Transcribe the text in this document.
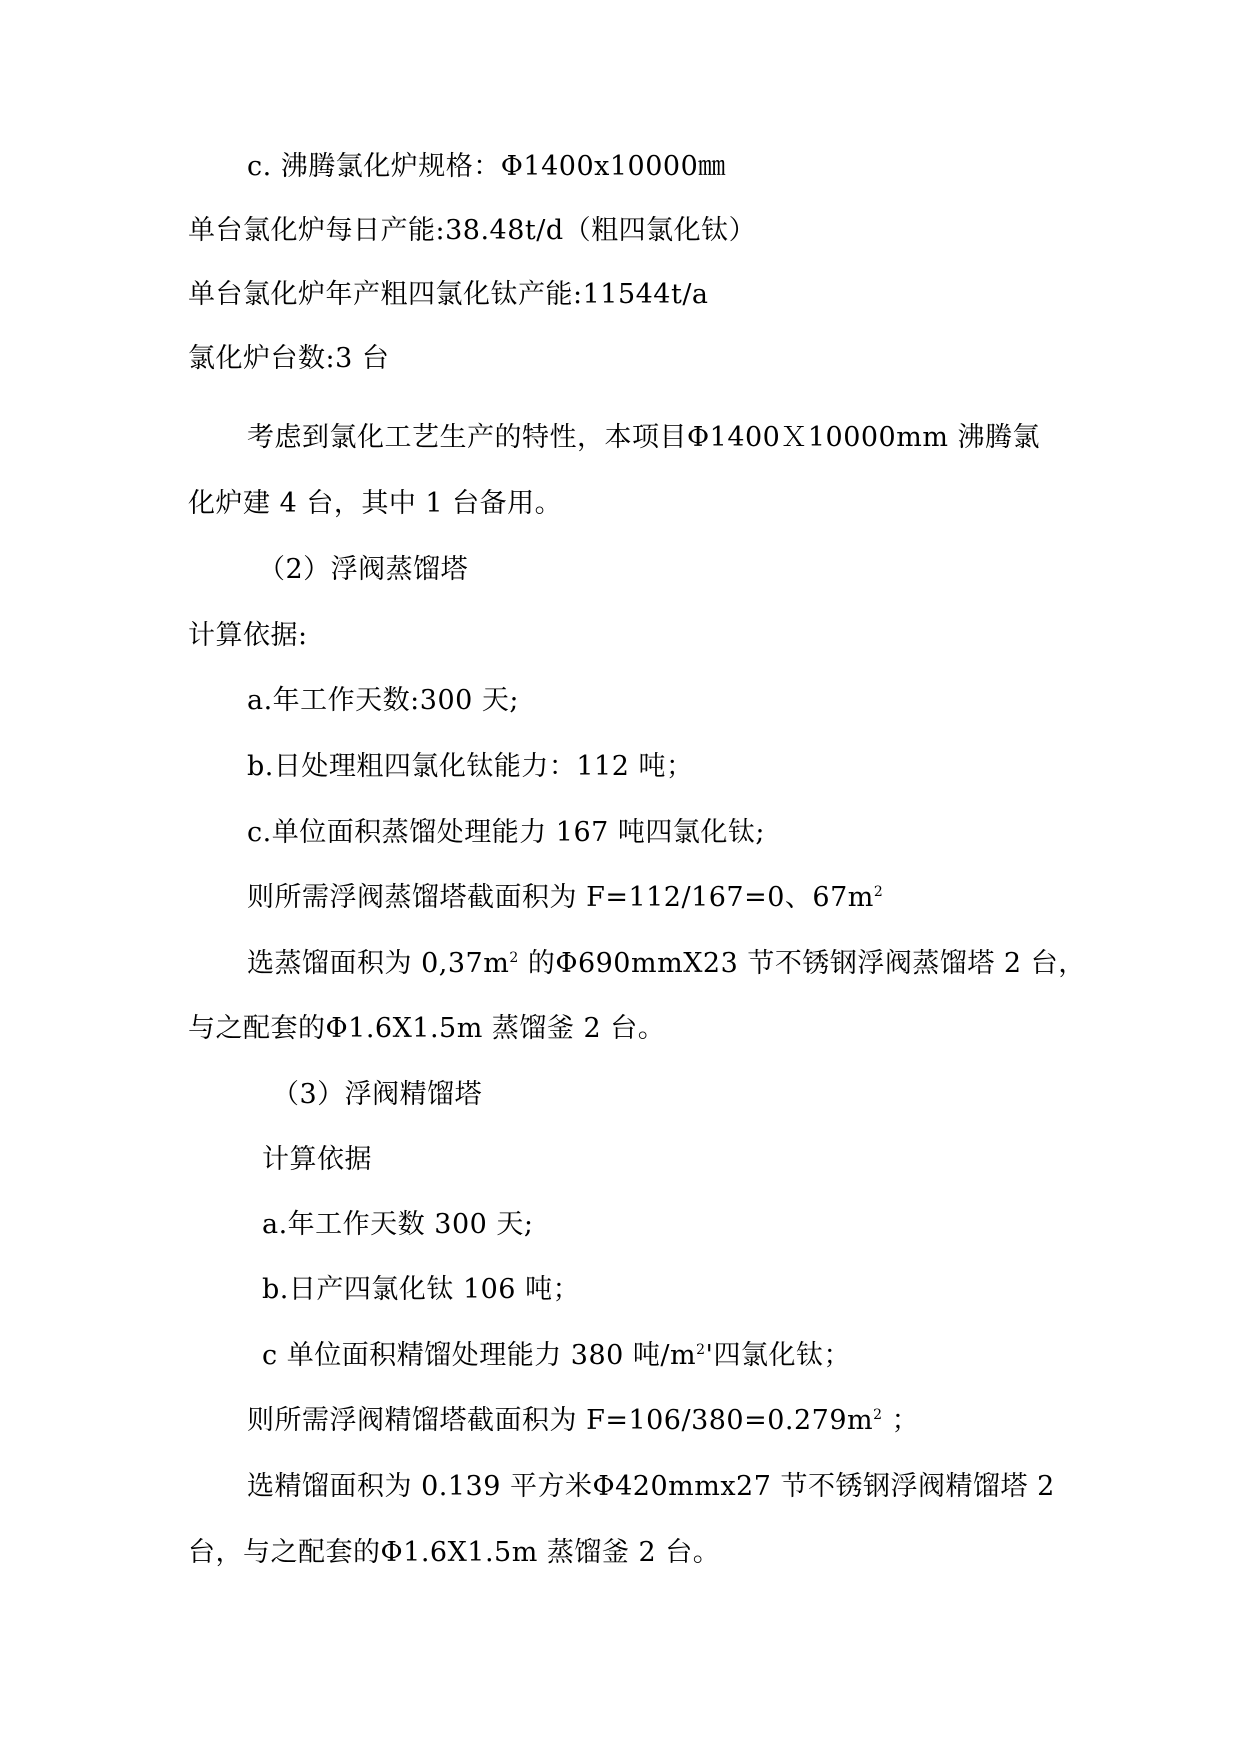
c. 沸腾氯化炉规格：Φ1400x10000㎜
单台氯化炉每日产能:38.48t/d（粗四氯化钛）
单台氯化炉年产粗四氯化钛产能:11544t/a
氯化炉台数:3 台
考虑到氯化工艺生产的特性，本项目Φ1400Ｘ10000mm 沸腾氯
化炉建 4 台，其中 1 台备用。
（2）浮阀蒸馏塔
计算依据:
a.年工作天数:300 天;
b.日处理粗四氯化钛能力：112 吨；
c.单位面积蒸馏处理能力 167 吨四氯化钛;
则所需浮阀蒸馏塔截面积为 F=112/167=0、$67m^2$
选蒸馏面积为 $0,37m^2$ 的Φ690mmX23 节不锈钢浮阀蒸馏塔 2 台，
与之配套的Φ1.6X1.5m 蒸馏釜 2 台。
（3）浮阀精馏塔
计算依据
a.年工作天数 300 天;
b.日产四氯化钛 106 吨；
c 单位面积精馏处理能力 380 吨$/m^2'$四氯化钛；
则所需浮阀精馏塔截面积为 $F=106/380=0.279m^2$ ；
选精馏面积为 0.139 平方米Φ420mmx27 节不锈钢浮阀精馏塔 2
台，与之配套的Φ1.6X1.5m 蒸馏釜 2 台。
